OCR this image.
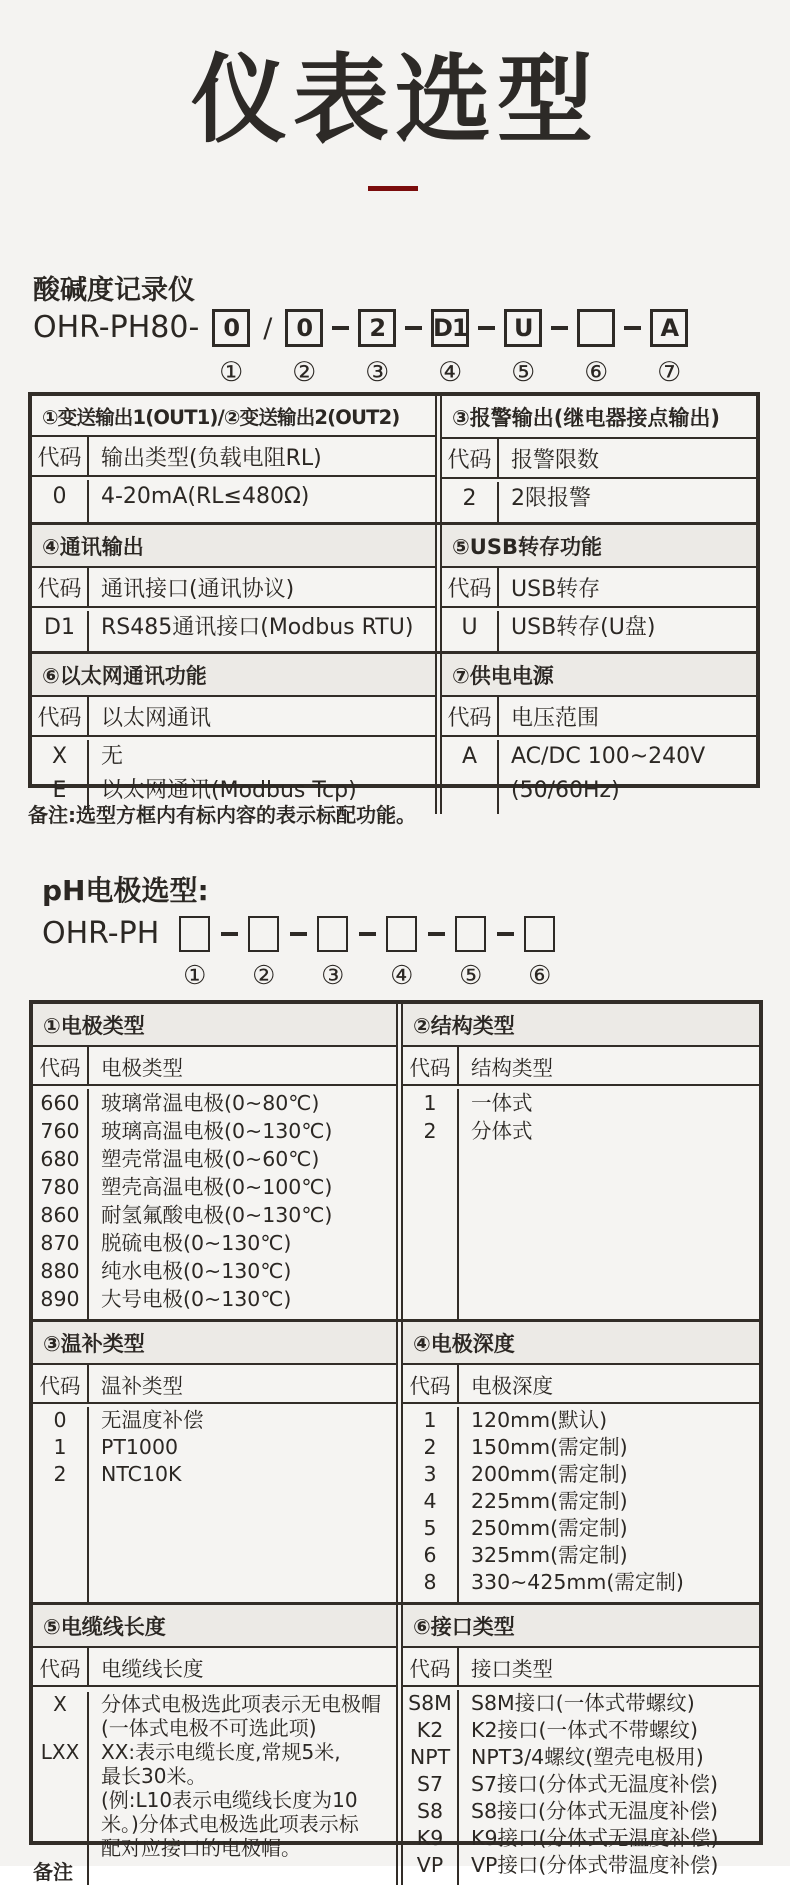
仪表选型
酸碱度记录仪
OHR-PH80-	0
①
/	0
②
2
③
D1
④
U
⑤ ⑥
A
⑦
①变送输出1(OUT1)/②变送输出2(OUT2)
代码 输出类型(负载电阻RL)
0	4-20mA(RL≤480Ω)
③报警输出(继电器接点输出)
代码 报警限数
2	2限报警
④通讯输出
代码 通讯接口(通讯协议)
D1	RS485通讯接口(Modbus RTU)
⑤USB转存功能
代码 USB转存
U	USB转存(U盘)
⑥以太网通讯功能
代码 以太网通讯
X	无
E	以太网通讯(Modbus Tcp)
⑦供电电源
代码 电压范围
A	AC/DC 100~240V
(50/60Hz)
备注:选型方框内有标内容的表示标配功能。
pH电极选型:
OHR-PH
① ② ③ ④ ⑤ ⑥
①电极类型
代码	电极类型
660	玻璃常温电极(0~80℃)
760	玻璃高温电极(0~130℃)
680	塑壳常温电极(0~60℃)
780	塑壳高温电极(0~100℃)
860	耐氢氟酸电极(0~130℃)
870	脱硫电极(0~130℃)
880	纯水电极(0~130℃)
890	大号电极(0~130℃)
②结构类型
代码	结构类型
1	一体式
2	分体式
③温补类型
代码	温补类型
0	无温度补偿
1	PT1000
2	NTC10K
④电极深度
代码	电极深度
1	120mm(默认)
2	150mm(需定制)
3	200mm(需定制)
4	225mm(需定制)
5	250mm(需定制)
6	325mm(需定制)
8	330~425mm(需定制)
⑤电缆线长度
代码	电缆线长度
X	分体式电极选此项表示无电极帽
(一体式电极不可选此项)
LXX	XX:表示电缆长度,常规5米,
最长30米。
(例:L10表示电缆线长度为10
米。)分体式电极选此项表示标
配对应接口的电极帽。
⑥接口类型
代码	接口类型
S8M S8M接口(一体式带螺纹)
K2	K2接口(一体式不带螺纹)
NPT	NPT3/4螺纹(塑壳电极用)
S7	S7接口(分体式无温度补偿)
S8	S8接口(分体式无温度补偿)
K9	K9接口(分体式无温度补偿)
VP	VP接口(分体式带温度补偿)
备注
